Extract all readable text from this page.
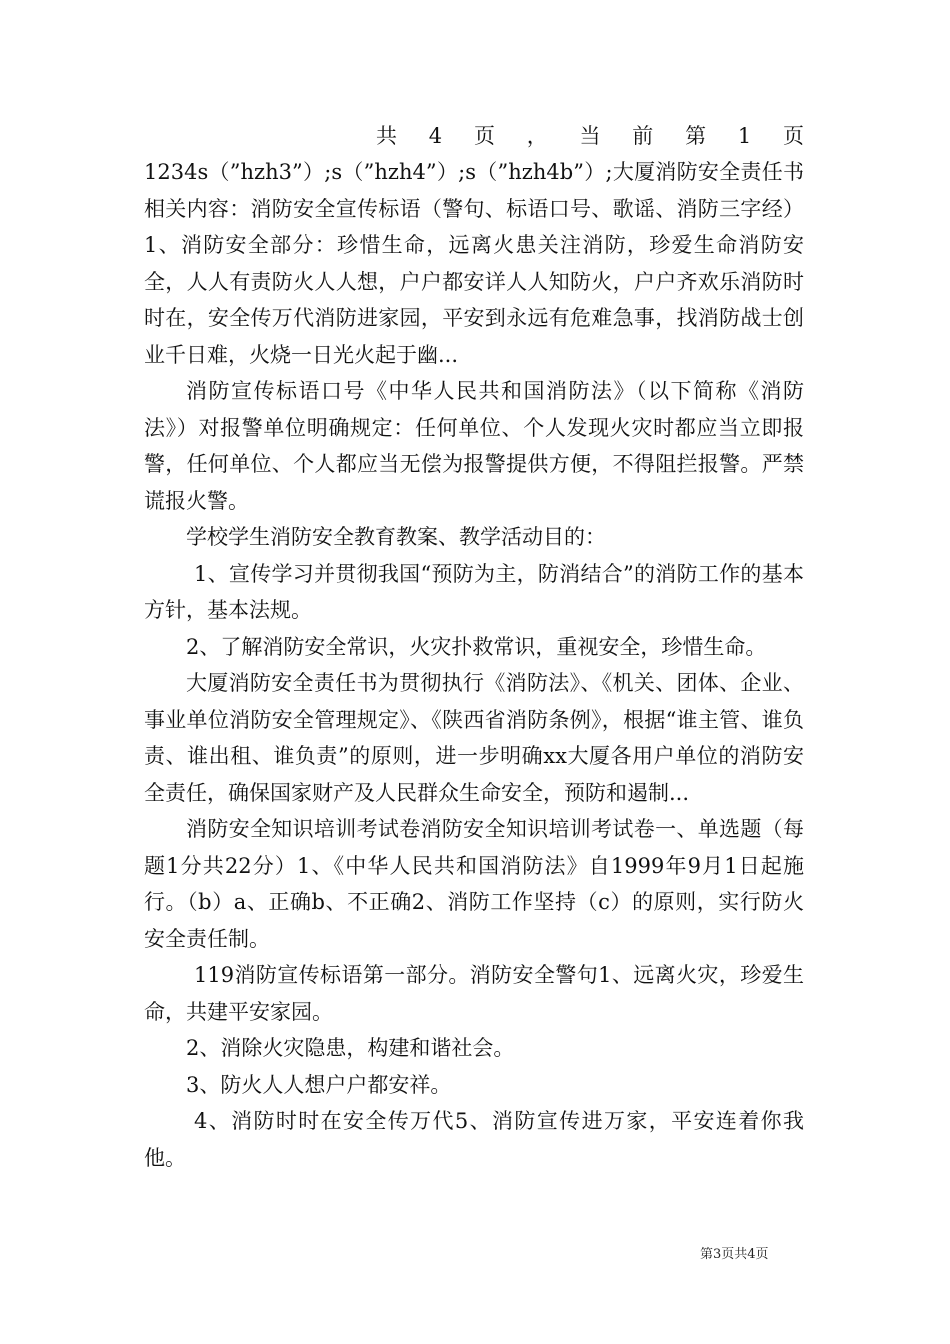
共 4 页 ， 当 前 第 1 页

1234s（”hzh3”）;s（”hzh4”）;s（”hzh4b”）;大厦消防安全责任书相关内容：消防安全宣传标语（警句、标语口号、歌谣、消防三字经）1、消防安全部分：珍惜生命，远离火患关注消防，珍爱生命消防安全，人人有责防火人人想，户户都安详人人知防火，户户齐欢乐消防时时在，安全传万代消防进家园，平安到永远有危难急事，找消防战士创业千日难，火烧一日光火起于幽...

消防宣传标语口号《中华人民共和国消防法》（以下简称《消防法》）对报警单位明确规定：任何单位、个人发现火灾时都应当立即报警，任何单位、个人都应当无偿为报警提供方便，不得阻拦报警。严禁谎报火警。

学校学生消防安全教育教案、教学活动目的：

1、宣传学习并贯彻我国“预防为主，防消结合”的消防工作的基本方针，基本法规。

2、了解消防安全常识，火灾扑救常识，重视安全，珍惜生命。

大厦消防安全责任书为贯彻执行《消防法》、《机关、团体、企业、事业单位消防安全管理规定》、《陕西省消防条例》，根据“谁主管、谁负责、谁出租、谁负责”的原则，进一步明确xx大厦各用户单位的消防安全责任，确保国家财产及人民群众生命安全，预防和遏制...

消防安全知识培训考试卷消防安全知识培训考试卷一、单选题（每题1分共22分）1、《中华人民共和国消防法》自1999年9月1日起施行。（b）a、正确b、不正确2、消防工作坚持（c）的原则，实行防火安全责任制。

119消防宣传标语第一部分。消防安全警句1、远离火灾，珍爱生命，共建平安家园。

2、消除火灾隐患，构建和谐社会。

3、防火人人想户户都安祥。

4、消防时时在安全传万代5、消防宣传进万家，平安连着你我他。

第3页共4页
